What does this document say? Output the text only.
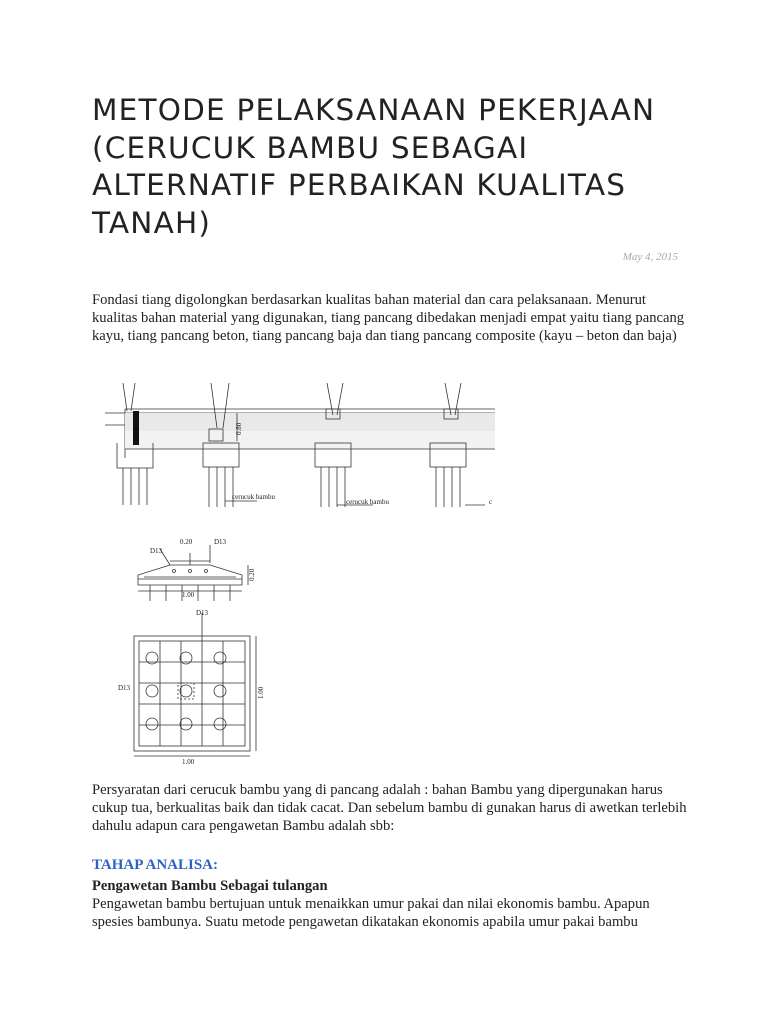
METODE PELAKSANAAN PEKERJAAN (CERUCUK BAMBU SEBAGAI ALTERNATIF PERBAIKAN KUALITAS TANAH)
May 4, 2015

Fondasi tiang digolongkan berdasarkan kualitas bahan material dan cara pelaksanaan. Menurut kualitas bahan material yang digunakan, tiang pancang dibedakan menjadi empat yaitu tiang pancang kayu, tiang pancang beton, tiang pancang baja dan tiang pancang composite (kayu – beton dan baja)

cerucuk bambu
cerucuk bambu	c
0.80
D13
D13
0.20
0.20
1.00
D13
D13	1.00
1.00

Persyaratan dari cerucuk bambu yang di pancang adalah : bahan Bambu yang dipergunakan harus cukup tua, berkualitas baik dan tidak cacat. Dan sebelum bambu di gunakan harus di awetkan terlebih dahulu adapun cara pengawetan Bambu adalah sbb:

TAHAP ANALISA:
Pengawetan Bambu Sebagai tulangan
Pengawetan bambu bertujuan untuk menaikkan umur pakai dan nilai ekonomis bambu. Apapun spesies bambunya. Suatu metode pengawetan dikatakan ekonomis apabila umur pakai bambu
